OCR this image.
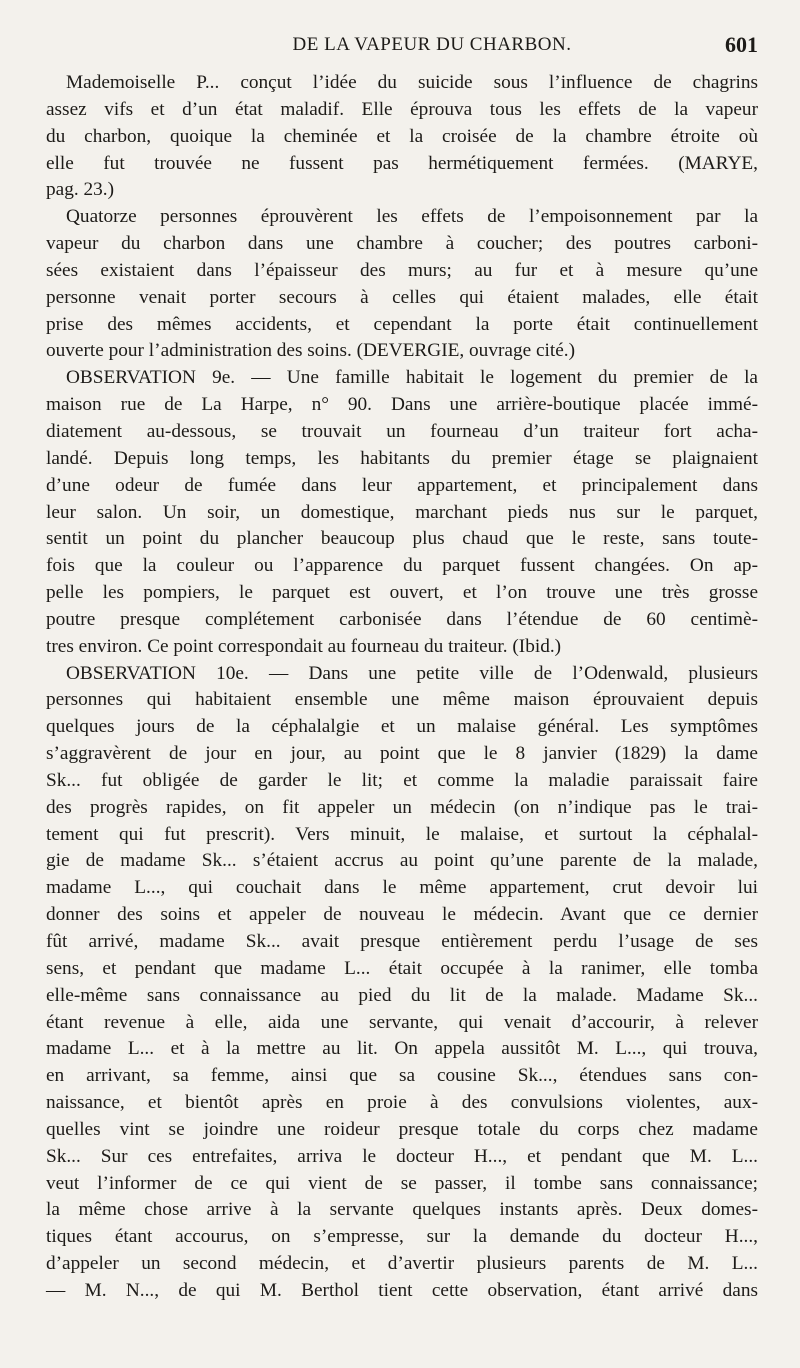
DE LA VAPEUR DU CHARBON.	601
Mademoiselle P... conçut l’idée du suicide sous l’influence de chagrins
assez vifs et d’un état maladif. Elle éprouva tous les effets de la vapeur
du charbon, quoique la cheminée et la croisée de la chambre étroite où
elle fut trouvée ne fussent pas hermétiquement fermées. (MARYE,
pag. 23.)
Quatorze personnes éprouvèrent les effets de l’empoisonnement par la
vapeur du charbon dans une chambre à coucher; des poutres carboni-
sées existaient dans l’épaisseur des murs; au fur et à mesure qu’une
personne venait porter secours à celles qui étaient malades, elle était
prise des mêmes accidents, et cependant la porte était continuellement
ouverte pour l’administration des soins. (DEVERGIE, ouvrage cité.)
OBSERVATION 9e. — Une famille habitait le logement du premier de la
maison rue de La Harpe, n° 90. Dans une arrière-boutique placée immé-
diatement au-dessous, se trouvait un fourneau d’un traiteur fort acha-
landé. Depuis long temps, les habitants du premier étage se plaignaient
d’une odeur de fumée dans leur appartement, et principalement dans
leur salon. Un soir, un domestique, marchant pieds nus sur le parquet,
sentit un point du plancher beaucoup plus chaud que le reste, sans toute-
fois que la couleur ou l’apparence du parquet fussent changées. On ap-
pelle les pompiers, le parquet est ouvert, et l’on trouve une très grosse
poutre presque complétement carbonisée dans l’étendue de 60 centimè-
tres environ. Ce point correspondait au fourneau du traiteur. (Ibid.)
OBSERVATION 10e. — Dans une petite ville de l’Odenwald, plusieurs
personnes qui habitaient ensemble une même maison éprouvaient depuis
quelques jours de la céphalalgie et un malaise général. Les symptômes
s’aggravèrent de jour en jour, au point que le 8 janvier (1829) la dame
Sk... fut obligée de garder le lit; et comme la maladie paraissait faire
des progrès rapides, on fit appeler un médecin (on n’indique pas le trai-
tement qui fut prescrit). Vers minuit, le malaise, et surtout la céphalal-
gie de madame Sk... s’étaient accrus au point qu’une parente de la malade,
madame L..., qui couchait dans le même appartement, crut devoir lui
donner des soins et appeler de nouveau le médecin. Avant que ce dernier
fût arrivé, madame Sk... avait presque entièrement perdu l’usage de ses
sens, et pendant que madame L... était occupée à la ranimer, elle tomba
elle-même sans connaissance au pied du lit de la malade. Madame Sk...
étant revenue à elle, aida une servante, qui venait d’accourir, à relever
madame L... et à la mettre au lit. On appela aussitôt M. L..., qui trouva,
en arrivant, sa femme, ainsi que sa cousine Sk..., étendues sans con-
naissance, et bientôt après en proie à des convulsions violentes, aux-
quelles vint se joindre une roideur presque totale du corps chez madame
Sk... Sur ces entrefaites, arriva le docteur H..., et pendant que M. L...
veut l’informer de ce qui vient de se passer, il tombe sans connaissance;
la même chose arrive à la servante quelques instants après. Deux domes-
tiques étant accourus, on s’empresse, sur la demande du docteur H...,
d’appeler un second médecin, et d’avertir plusieurs parents de M. L...
— M. N..., de qui M. Berthol tient cette observation, étant arrivé dans
